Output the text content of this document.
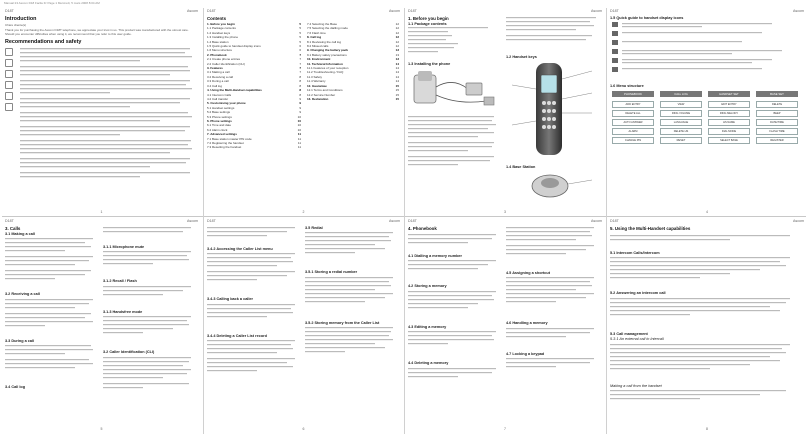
Manual:13 Ascom D18 Facile:Fr Page 1 Mercredi, 5 mars 2008 8:04 AM
D18T	Ascom
Introduction
Chère cliente(s)
Thank you for purchasing the Ascom D18T telephone, we appreciate your trust in us. This product was manufactured with the utmost care. Should you encounter difficulties when using it, we recommend that you refer to this user guide.
Recommendations and safety
1
D18T	Ascom
Contents
1. Before you begin	5
1.1 Package contents	5
1.2 Handset keys	5
1.3 Installing the phone	5
1.4 Base station	5
1.5 Quick guide to handset display icons	6
1.6 Menu structure	6
2. Phonebook	7
2.1 Create phone entries	7
2.2 Caller Identification (CLI)	7
3. Features	7
3.1 Making a call	7
3.2 Receiving a call	8
3.3 During a call	8
3.4 Call log	8
4. Using the Multi-Handset capabilities	8
4.1 Intercom Calls	8
4.2 Call transfer	9
5. Customising your phone	9
5.1 Handset settings	9
5.2 Base settings	9
5.3 Phone settings	10
6. Phone settings	10
6.1 Time and date	10
6.2 Alarm clock	10
7. Advanced settings	11
7.1 Base station master PIN code	11
7.2 Registering the handset	11
7.3 Resetting the handset	11
7.4 Selecting the Base	12
7.5 Selecting the dialling mode	12
7.6 Flash time	12
8. Call log	12
8.1 Reviewing the call log	12
8.2 Missed calls	12
9. Changing the battery pack	13
9.1 Battery safety precautions	13
10. Environment	13
11. Technical Information	14
11.1 Features of your reception	14
11.2 Troubleshooting / FAQ	14
11.3 Safety	14
11.4 Warranty	14
12. Guarantee	15
12.1 Terms and Conditions	15
12.2 Service Number	15
13. Declaration	15
2
D18T	Ascom
1. Before you begin
1.1 Package contents
1.3 Installing the phone

1.2 Handset keys
1.4 Base Station
3
D18T	Ascom
1.5 Quick guide to handset display icons
1.6 Menu structure
PHONEBOOK	CALL LOG	HANDSET SET	BASE SET
ADD ENTRY	VIEW	EDIT ENTRY	DELETE
DELETE ALL	RING VOLUME	RING MELODY	BEEP
AUTO ANSWER	LANGUAGE	HS NAME	DATE/TIME
ALARM	DELETE HS	DIAL MODE	FLASH TIME
CHANGE PIN	RESET	SELECT BASE	REGISTER
4
D18T	Ascom
3. Calls
3.1 Making a call
3.2 Receiving a call
3.3 During a call
3.4 Call log
3.1.1 Microphone mute
3.1.2 Recall / Flash
3.1.3 Handsfree mode
3.2 Caller Identification (CLI)
5
D18T	Ascom
3.4.2 Accessing the Caller List menu
3.4.3 Calling back a caller
3.4.4 Deleting a Caller List record
3.5 Redial
3.5.1 Storing a redial number
3.5.2 Storing memory from the Caller List
6
D18T	Ascom
4. Phonebook
4.1 Dialling a memory number
4.2 Storing a memory
4.3 Editing a memory
4.4 Deleting a memory
4.5 Assigning a shortcut
4.6 Handling a memory
4.7 Locking a keypad
7
D18T	Ascom
5. Using the Multi-Handset capabilities
5.1 Intercom Calls/Intercom
5.2 Answering an intercom call
5.3 Call management
5.3.1 An external call in Intercall
Making a call from the handset
8
